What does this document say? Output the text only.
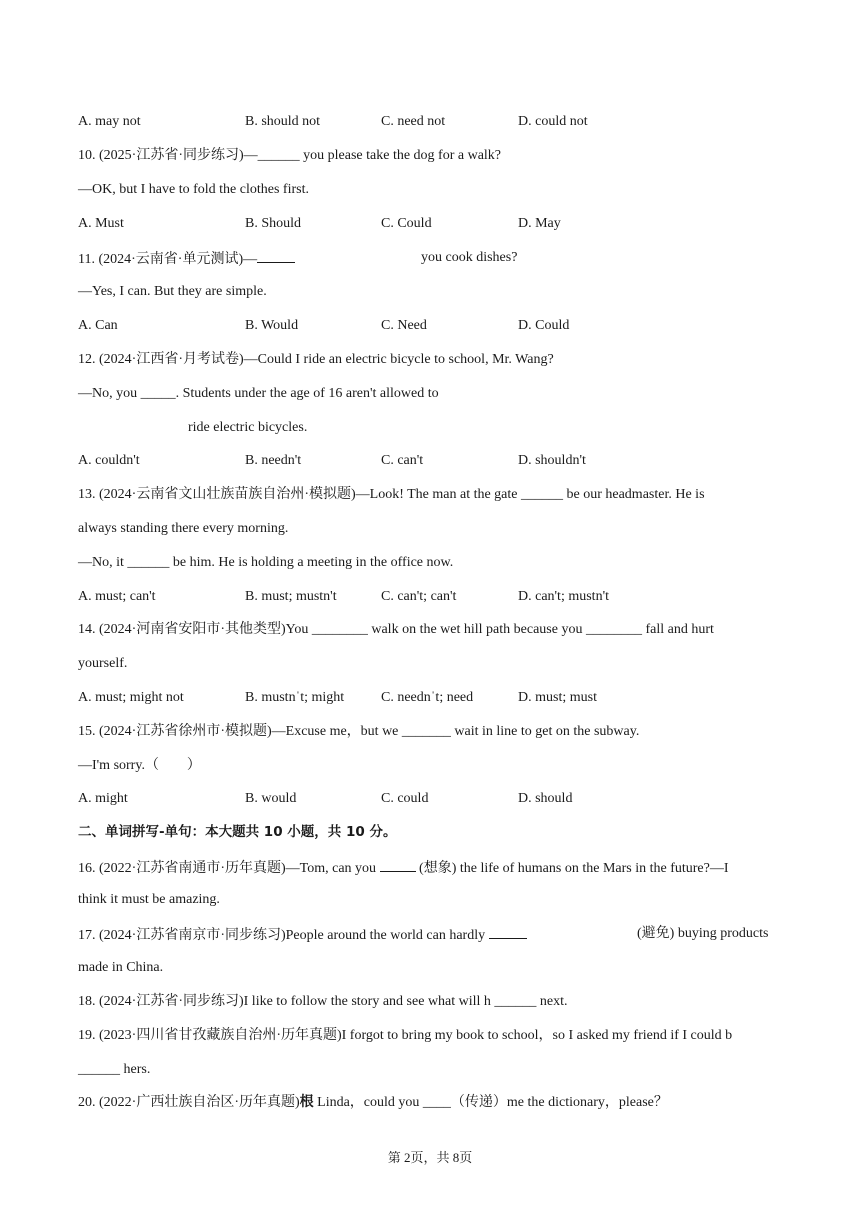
A. may not	B. should not	C. need not	D. could not
10. (2025·江苏省·同步练习)—______ you please take the dog for a walk?
—OK, but I have to fold the clothes first.
A. Must	B. Should	C. Could	D. May
11. (2024·云南省·单元测试)—	you cook dishes?
—Yes, I can. But they are simple.
A. Can	B. Would	C. Need	D. Could
12. (2024·江西省·月考试卷)—Could I ride an electric bicycle to school, Mr. Wang?
—No, you _____. Students under the age of 16 aren't allowed to
ride electric bicycles.
A. couldn't	B. needn't	C. can't	D. shouldn't
13. (2024·云南省文山壮族苗族自治州·模拟题)—Look! The man at the gate ______ be our headmaster. He is
always standing there every morning.
—No, it ______ be him. He is holding a meeting in the office now.
A. must; can't	B. must; mustn't	C. can't; can't	D. can't; mustn't
14. (2024·河南省安阳市·其他类型)You ________ walk on the wet hill path because you ________ fall and hurt
yourself.
A. must; might not	B. mustnˈt; might	C. neednˈt; need	D. must; must
15. (2024·江苏省徐州市·模拟题)—Excuse me，but we _______ wait in line to get on the subway.
—I'm sorry.（　　）
A. might	B. would	C. could	D. should
二、单词拼写-单句：本大题共 10 小题，共 10 分。
16. (2022·江苏省南通市·历年真题)—Tom, can you	(想象) the life of humans on the Mars in the future?—I
think it must be amazing.
17. (2024·江苏省南京市·同步练习)People around the world can hardly	(避免) buying products
made in China.
18. (2024·江苏省·同步练习)I like to follow the story and see what will h ______ next.
19. (2023·四川省甘孜藏族自治州·历年真题)I forgot to bring my book to school，so I asked my friend if I could b
______ hers.
20. (2022·广西壮族自治区·历年真题)根 Linda，could you ____（传递）me the dictionary，please？
第 2页，共 8页
